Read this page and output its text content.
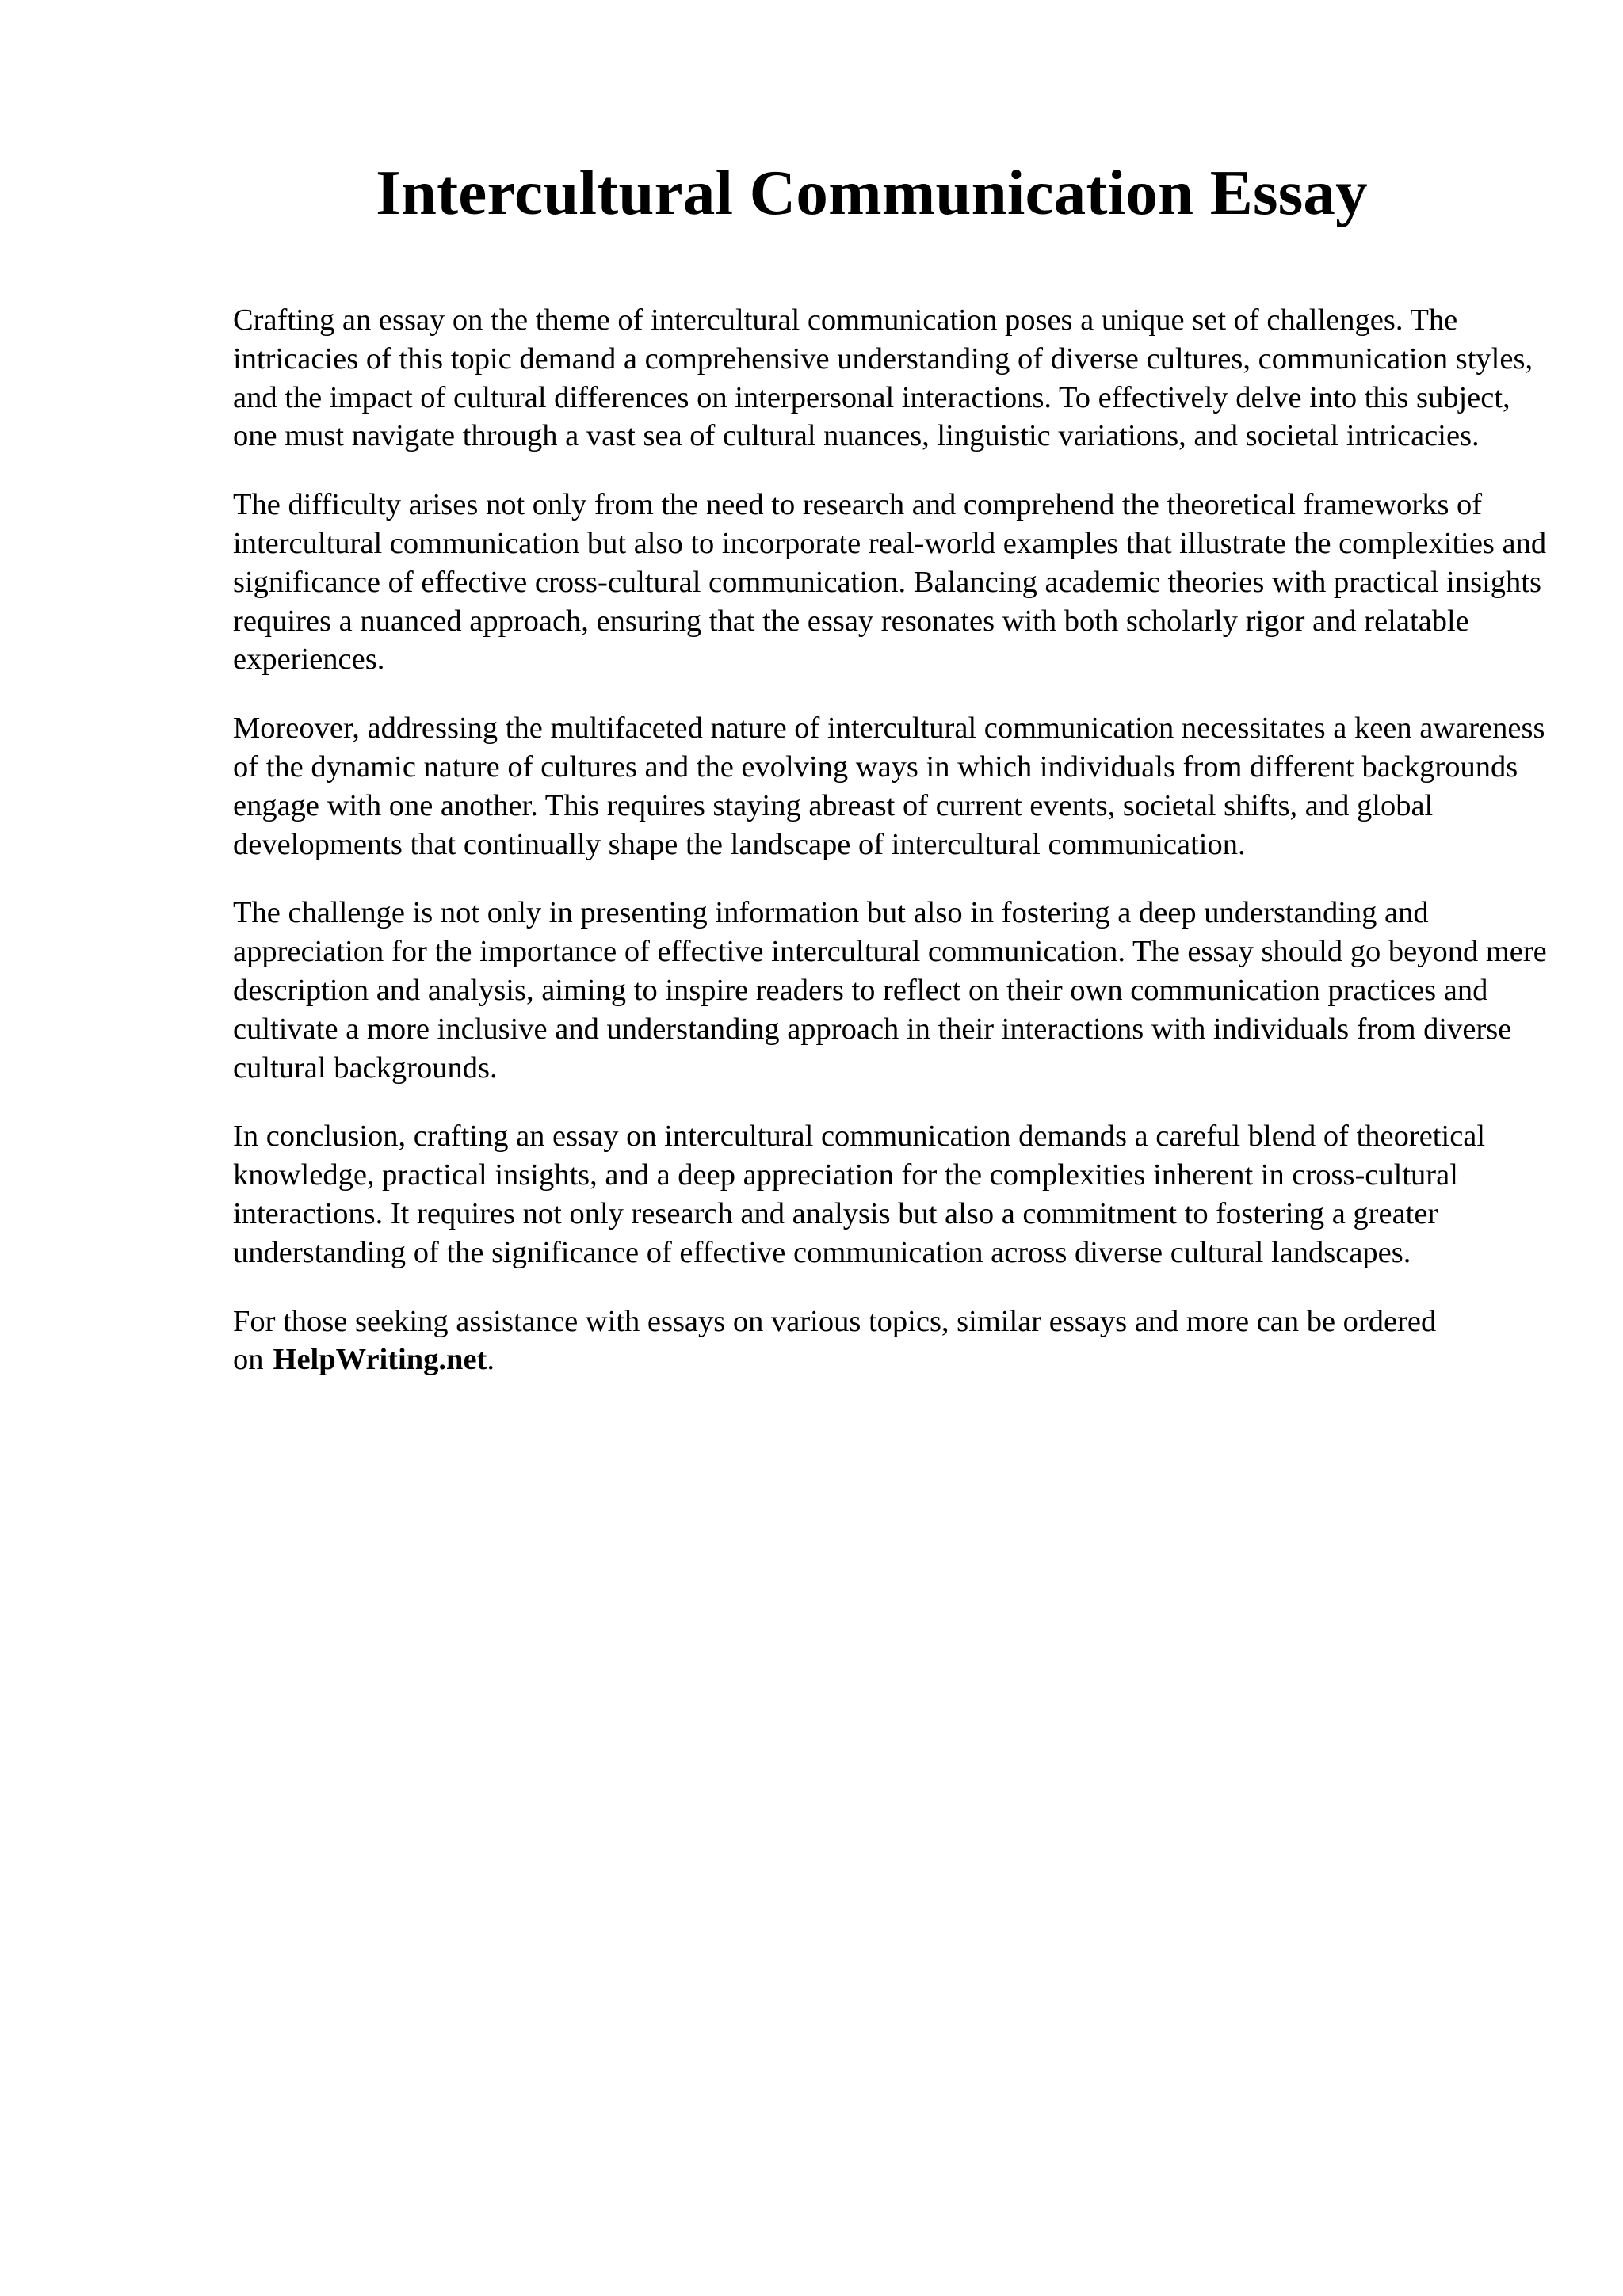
Intercultural Communication Essay

Crafting an essay on the theme of intercultural communication poses a unique set of challenges. The intricacies of this topic demand a comprehensive understanding of diverse cultures, communication styles, and the impact of cultural differences on interpersonal interactions. To effectively delve into this subject, one must navigate through a vast sea of cultural nuances, linguistic variations, and societal intricacies.

The difficulty arises not only from the need to research and comprehend the theoretical frameworks of intercultural communication but also to incorporate real-world examples that illustrate the complexities and significance of effective cross-cultural communication. Balancing academic theories with practical insights requires a nuanced approach, ensuring that the essay resonates with both scholarly rigor and relatable experiences.

Moreover, addressing the multifaceted nature of intercultural communication necessitates a keen awareness of the dynamic nature of cultures and the evolving ways in which individuals from different backgrounds engage with one another. This requires staying abreast of current events, societal shifts, and global developments that continually shape the landscape of intercultural communication.

The challenge is not only in presenting information but also in fostering a deep understanding and appreciation for the importance of effective intercultural communication. The essay should go beyond mere description and analysis, aiming to inspire readers to reflect on their own communication practices and cultivate a more inclusive and understanding approach in their interactions with individuals from diverse cultural backgrounds.

In conclusion, crafting an essay on intercultural communication demands a careful blend of theoretical knowledge, practical insights, and a deep appreciation for the complexities inherent in cross-cultural interactions. It requires not only research and analysis but also a commitment to fostering a greater understanding of the significance of effective communication across diverse cultural landscapes.

For those seeking assistance with essays on various topics, similar essays and more can be ordered on HelpWriting.net.
